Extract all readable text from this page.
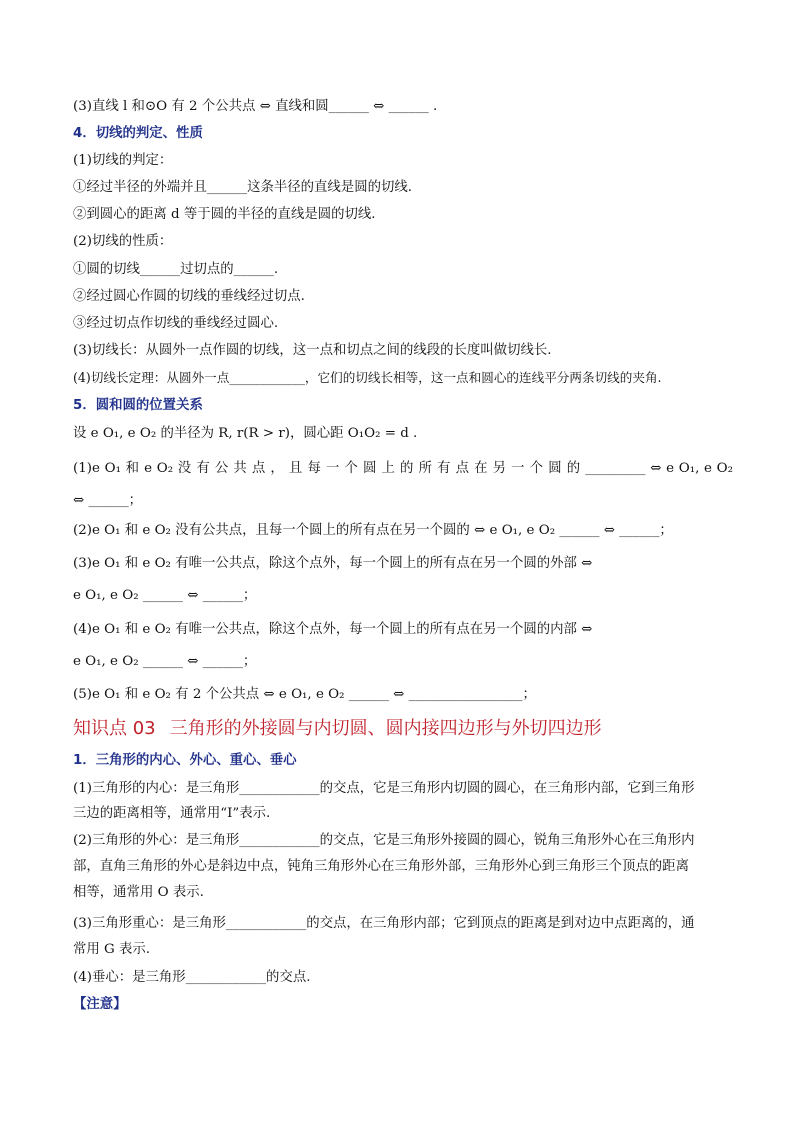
(3)直线 l 和⊙O 有 2 个公共点 ⇔ 直线和圆______ ⇔ ______ .
4．切线的判定、性质
(1)切线的判定：
①经过半径的外端并且______这条半径的直线是圆的切线.
②到圆心的距离 d 等于圆的半径的直线是圆的切线.
(2)切线的性质：
①圆的切线______过切点的______.
②经过圆心作圆的切线的垂线经过切点.
③经过切点作切线的垂线经过圆心.
(3)切线长：从圆外一点作圆的切线，这一点和切点之间的线段的长度叫做切线长.
(4)切线长定理：从圆外一点____________，它们的切线长相等，这一点和圆心的连线平分两条切线的夹角.
5．圆和圆的位置关系
设 e O₁, e O₂ 的半径为 R, r(R > r)，圆心距 O₁O₂ = d .
(1)e O₁ 和 e O₂ 没 有 公 共 点 ， 且 每 一 个 圆 上 的 所 有 点 在 另 一 个 圆 的 _________ ⇔ e O₁, e O₂
⇔ ______；
(2)e O₁ 和 e O₂ 没有公共点，且每一个圆上的所有点在另一个圆的 ⇔ e O₁, e O₂ ______ ⇔ ______；
(3)e O₁ 和 e O₂ 有唯一公共点，除这个点外，每一个圆上的所有点在另一个圆的外部 ⇔
e O₁, e O₂ ______ ⇔ ______；
(4)e O₁ 和 e O₂ 有唯一公共点，除这个点外，每一个圆上的所有点在另一个圆的内部 ⇔
e O₁, e O₂ ______ ⇔ ______；
(5)e O₁ 和 e O₂ 有 2 个公共点 ⇔ e O₁, e O₂ ______ ⇔ _________________；
知识点 03 三角形的外接圆与内切圆、圆内接四边形与外切四边形
1．三角形的内心、外心、重心、垂心
(1)三角形的内心：是三角形____________的交点，它是三角形内切圆的圆心，在三角形内部，它到三角形
三边的距离相等，通常用“I”表示.
(2)三角形的外心：是三角形____________的交点，它是三角形外接圆的圆心，锐角三角形外心在三角形内
部，直角三角形的外心是斜边中点，钝角三角形外心在三角形外部，三角形外心到三角形三个顶点的距离
相等，通常用 O 表示.
(3)三角形重心：是三角形____________的交点，在三角形内部；它到顶点的距离是到对边中点距离的，通
常用 G 表示.
(4)垂心：是三角形____________的交点.
【注意】
